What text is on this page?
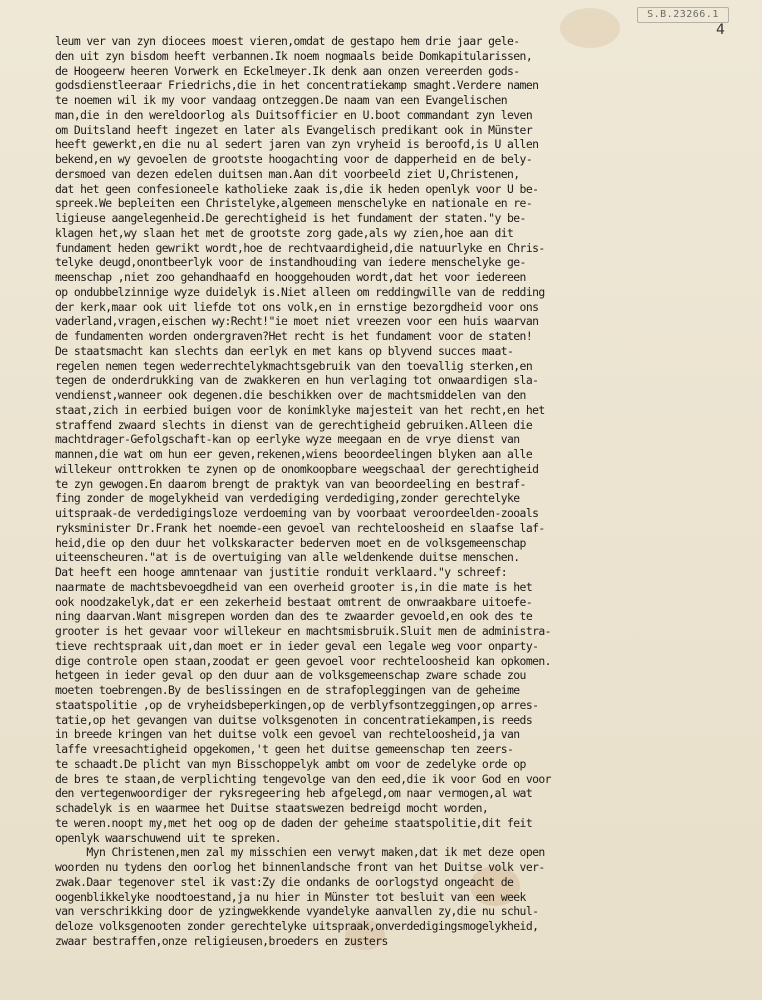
S.B.23266.1
4
leum ver van zyn diocees moest vieren,omdat de gestapo hem drie jaar gele-
den uit zyn bisdom heeft verbannen.Ik noem nogmaals beide Domkapitularissen,
de Hoogeerw heeren Vorwerk en Eckelmeyer.Ik denk aan onzen vereerden gods-
godsdienstleeraar Friedrichs,die in het concentratiekamp smaght.Verdere namen
te noemen wil ik my voor vandaag ontzeggen.De naam van een Evangelischen
man,die in den wereldoorlog als Duitsofficier en U.boot commandant zyn leven
om Duitsland heeft ingezet en later als Evangelisch predikant ook in Münster
heeft gewerkt,en die nu al sedert jaren van zyn vryheid is beroofd,is U allen
bekend,en wy gevoelen de grootste hoogachting voor de dapperheid en de bely-
dersmoed van dezen edelen duitsen man.Aan dit voorbeeld ziet U,Christenen,
dat het geen confesioneele katholieke zaak is,die ik heden openlyk voor U be-
spreek.We bepleiten een Christelyke,algemeen menschelyke en nationale en re-
ligieuse aangelegenheid.De gerechtigheid is het fundament der staten."y be-
klagen het,wy slaan het met de grootste zorg gade,als wy zien,hoe aan dit
fundament heden gewrikt wordt,hoe de rechtvaardigheid,die natuurlyke en Chris-
telyke deugd,onontbeerlyk voor de instandhouding van iedere menschelyke ge-
meenschap ,niet zoo gehandhaafd en hooggehouden wordt,dat het voor iedereen
op ondubbelzinnige wyze duidelyk is.Niet alleen om reddingwille van de redding
der kerk,maar ook uit liefde tot ons volk,en in ernstige bezorgdheid voor ons
vaderland,vragen,eischen wy:Recht!"ie moet niet vreezen voor een huis waarvan
de fundamenten worden ondergraven?Het recht is het fundament voor de staten!
De staatsmacht kan slechts dan eerlyk en met kans op blyvend succes maat-
regelen nemen tegen wederrechtelykmachtsgebruik van den toevallig sterken,en
tegen de onderdrukking van de zwakkeren en hun verlaging tot onwaardigen sla-
vendienst,wanneer ook degenen.die beschikken over de machtsmiddelen van den
staat,zich in eerbied buigen voor de konimklyke majesteit van het recht,en het
straffend zwaard slechts in dienst van de gerechtigheid gebruiken.Alleen die
machtdrager-Gefolgschaft-kan op eerlyke wyze meegaan en de vrye dienst van
mannen,die wat om hun eer geven,rekenen,wiens beoordeelingen blyken aan alle
willekeur onttrokken te zynen op de onomkoopbare weegschaal der gerechtigheid
te zyn gewogen.En daarom brengt de praktyk van van beoordeeling en bestraf-
fing zonder de mogelykheid van verdediging verdediging,zonder gerechtelyke
uitspraak-de verdedigingsloze verdoeming van by voorbaat veroordeelden-zooals
ryksminister Dr.Frank het noemde-een gevoel van rechteloosheid en slaafse laf-
heid,die op den duur het volkskaracter bederven moet en de volksgemeenschap
uiteenscheuren."at is de overtuiging van alle weldenkende duitse menschen.
Dat heeft een hooge amntenaar van justitie ronduit verklaard."y schreef:
naarmate de machtsbevoegdheid van een overheid grooter is,in die mate is het
ook noodzakelyk,dat er een zekerheid bestaat omtrent de onwraakbare uitoefe-
ning daarvan.Want misgrepen worden dan des te zwaarder gevoeld,en ook des te
grooter is het gevaar voor willekeur en machtsmisbruik.Sluit men de administra-
tieve rechtspraak uit,dan moet er in ieder geval een legale weg voor onparty-
dige controle open staan,zoodat er geen gevoel voor rechteloosheid kan opkomen.
hetgeen in ieder geval op den duur aan de volksgemeenschap zware schade zou
moeten toebrengen.By de beslissingen en de strafopleggingen van de geheime
staatspolitie ,op de vryheidsbeperkingen,op de verblyfsontzeggingen,op arres-
tatie,op het gevangen van duitse volksgenoten in concentratiekampen,is reeds
in breede kringen van het duitse volk een gevoel van rechteloosheid,ja van
laffe vreesachtigheid opgekomen,'t geen het duitse gemeenschap ten zeers-
te schaadt.De plicht van myn Bisschoppelyk ambt om voor de zedelyke orde op
de bres te staan,de verplichting tengevolge van den eed,die ik voor God en voor
den vertegenwoordiger der ryksregeering heb afgelegd,om naar vermogen,al wat
schadelyk is en waarmee het Duitse staatswezen bedreigd mocht worden,
te weren.noopt my,met het oog op de daden der geheime staatspolitie,dit feit
openlyk waarschuwend uit te spreken.
Myn Christenen,men zal my misschien een verwyt maken,dat ik met deze open
woorden nu tydens den oorlog het binnenlandsche front van het Duitse volk ver-
zwak.Daar tegenover stel ik vast:Zy die ondanks de oorlogstyd ongeacht de
oogenblikkelyke noodtoestand,ja nu hier in Münster tot besluit van een week
van verschrikking door de yzingwekkende vyandelyke aanvallen zy,die nu schul-
deloze volksgenooten zonder gerechtelyke uitspraak,onverdedigingsmogelykheid,
zwaar bestraffen,onze religieusen,broeders en zusters
